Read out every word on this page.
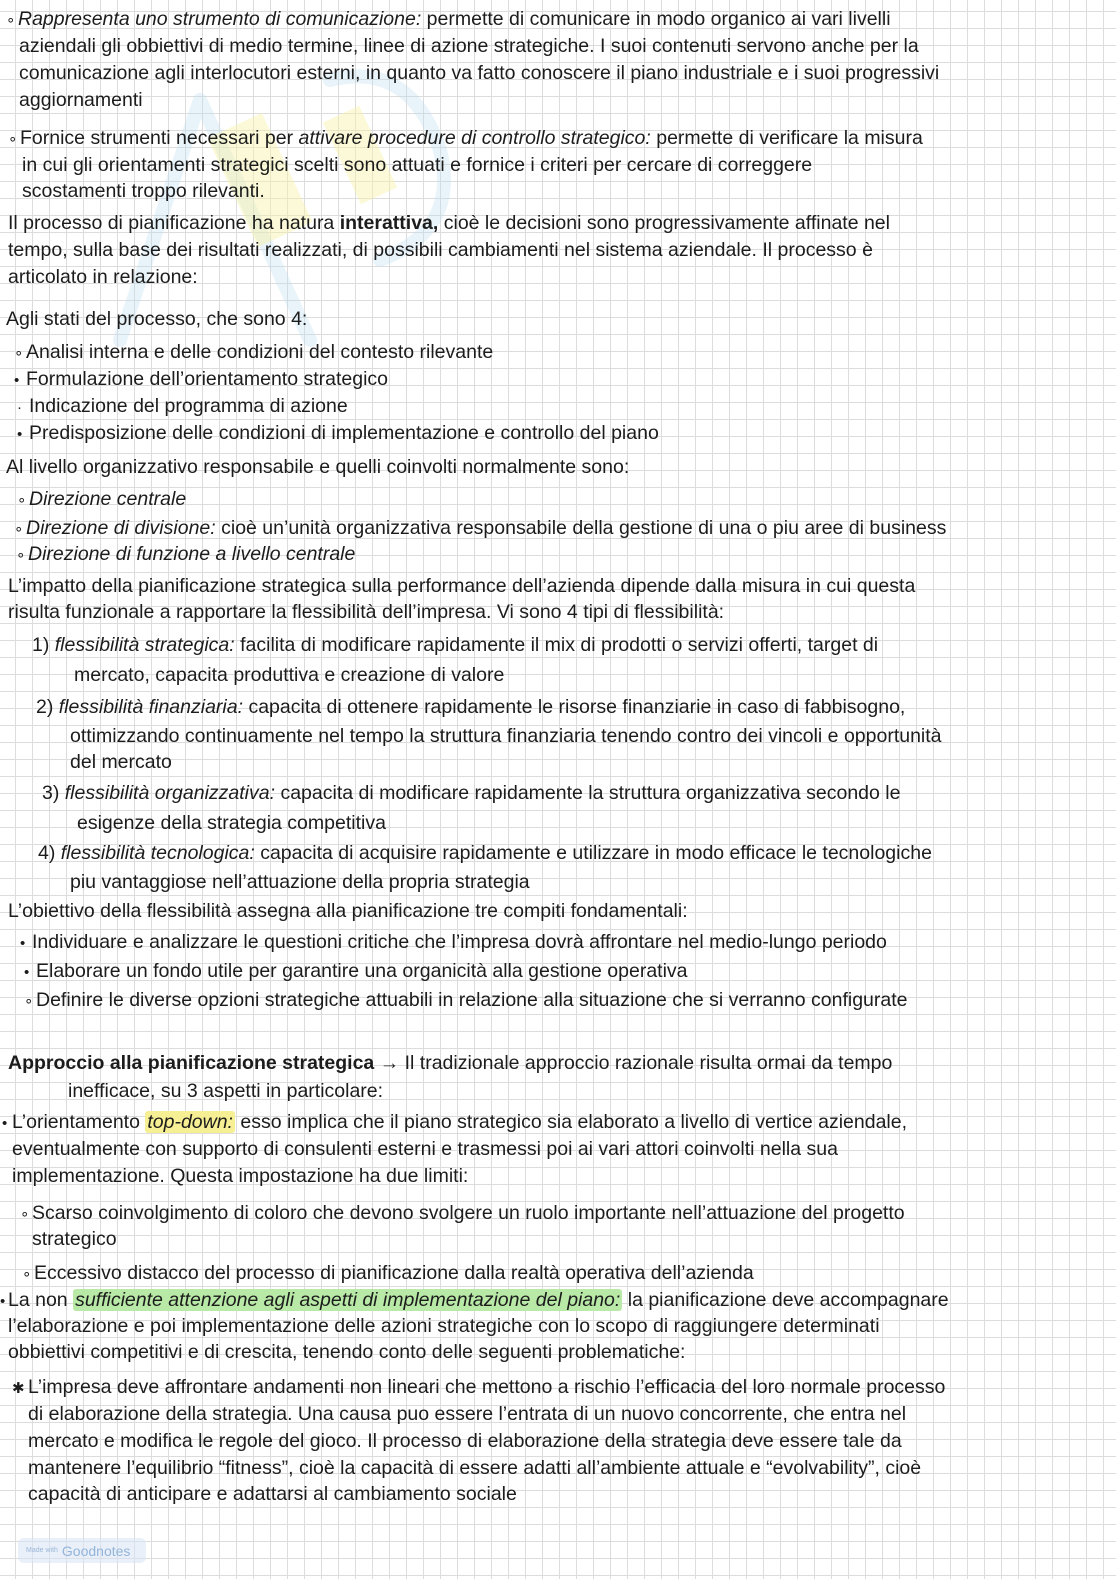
∘ Rappresenta uno strumento di comunicazione: permette di comunicare in modo organico ai vari livelli
aziendali gli obbiettivi di medio termine, linee di azione strategiche. I suoi contenuti servono anche per la
comunicazione agli interlocutori esterni, in quanto va fatto conoscere il piano industriale e i suoi progressivi
aggiornamenti
∘ Fornice strumenti necessari per attivare procedure di controllo strategico: permette di verificare la misura
in cui gli orientamenti strategici scelti sono attuati e fornice i criteri per cercare di correggere
scostamenti troppo rilevanti.
Il processo di pianificazione ha natura interattiva, cioè le decisioni sono progressivamente affinate nel
tempo, sulla base dei risultati realizzati, di possibili cambiamenti nel sistema aziendale. Il processo è
articolato in relazione:
Agli stati del processo, che sono 4:
∘ Analisi interna e delle condizioni del contesto rilevante
• Formulazione dell’orientamento strategico
· Indicazione del programma di azione
• Predisposizione delle condizioni di implementazione e controllo del piano
Al livello organizzativo responsabile e quelli coinvolti normalmente sono:
∘ Direzione centrale
∘ Direzione di divisione: cioè un’unità organizzativa responsabile della gestione di una o piu aree di business
∘ Direzione di funzione a livello centrale
L’impatto della pianificazione strategica sulla performance dell’azienda dipende dalla misura in cui questa
risulta funzionale a rapportare la flessibilità dell’impresa. Vi sono 4 tipi di flessibilità:
1) flessibilità strategica: facilita di modificare rapidamente il mix di prodotti o servizi offerti, target di
mercato, capacita produttiva e creazione di valore
2) flessibilità finanziaria: capacita di ottenere rapidamente le risorse finanziarie in caso di fabbisogno,
ottimizzando continuamente nel tempo la struttura finanziaria tenendo contro dei vincoli e opportunità
del mercato
3) flessibilità organizzativa: capacita di modificare rapidamente la struttura organizzativa secondo le
esigenze della strategia competitiva
4) flessibilità tecnologica: capacita di acquisire rapidamente e utilizzare in modo efficace le tecnologiche
piu vantaggiose nell’attuazione della propria strategia
L’obiettivo della flessibilità assegna alla pianificazione tre compiti fondamentali:
• Individuare e analizzare le questioni critiche che l’impresa dovrà affrontare nel medio-lungo periodo
• Elaborare un fondo utile per garantire una organicità alla gestione operativa
∘ Definire le diverse opzioni strategiche attuabili in relazione alla situazione che si verranno configurate
Approccio alla pianificazione strategica → Il tradizionale approccio razionale risulta ormai da tempo
inefficace, su 3 aspetti in particolare:
• L’orientamento top-down: esso implica che il piano strategico sia elaborato a livello di vertice aziendale,
eventualmente con supporto di consulenti esterni e trasmessi poi ai vari attori coinvolti nella sua
implementazione. Questa impostazione ha due limiti:
∘ Scarso coinvolgimento di coloro che devono svolgere un ruolo importante nell’attuazione del progetto
strategico
∘ Eccessivo distacco del processo di pianificazione dalla realtà operativa dell’azienda
• La non sufficiente attenzione agli aspetti di implementazione del piano: la pianificazione deve accompagnare
l’elaborazione e poi implementazione delle azioni strategiche con lo scopo di raggiungere determinati
obbiettivi competitivi e di crescita, tenendo conto delle seguenti problematiche:
✱ L’impresa deve affrontare andamenti non lineari che mettono a rischio l’efficacia del loro normale processo
di elaborazione della strategia. Una causa puo essere l’entrata di un nuovo concorrente, che entra nel
mercato e modifica le regole del gioco. Il processo di elaborazione della strategia deve essere tale da
mantenere l’equilibrio “fitness”, cioè la capacità di essere adatti all’ambiente attuale e “evolvability”, cioè
capacità di anticipare e adattarsi al cambiamento sociale
Made with Goodnotes
